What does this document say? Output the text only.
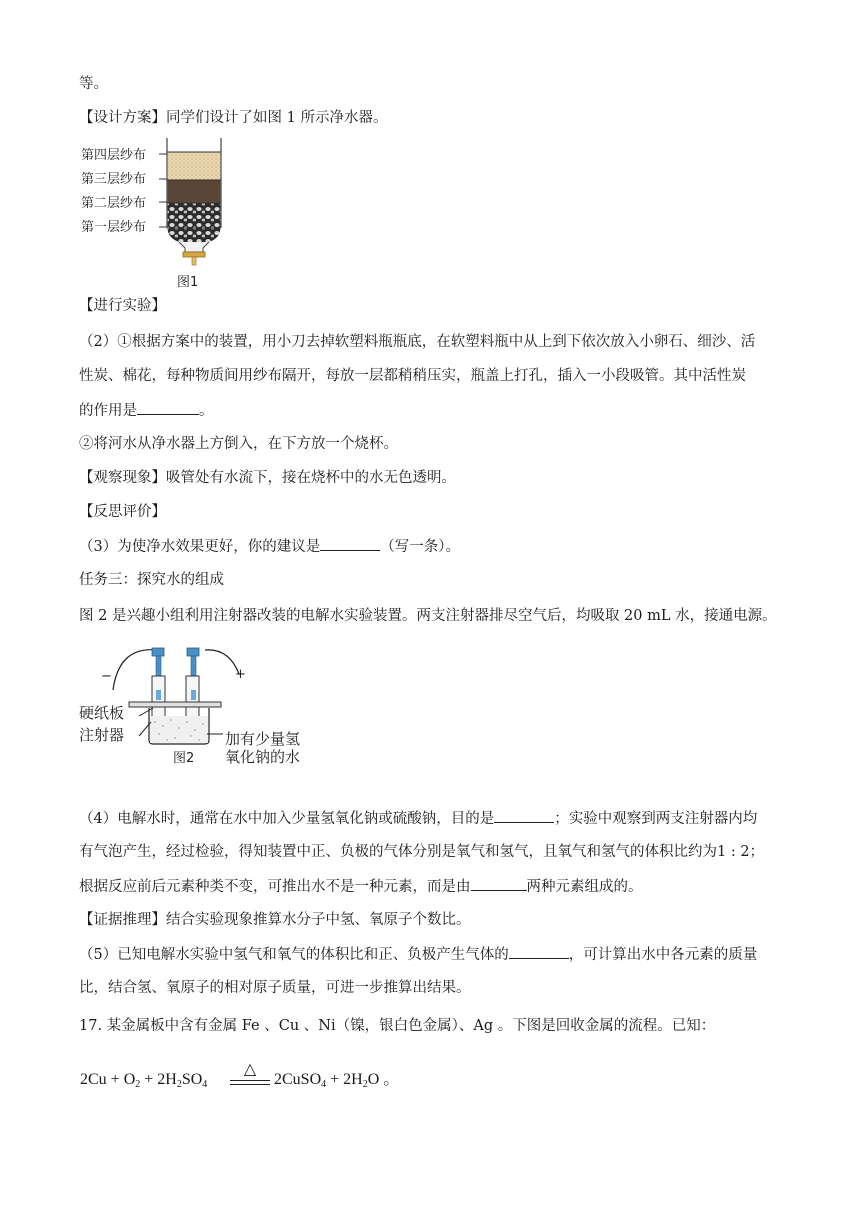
等。
【设计方案】同学们设计了如图 1 所示净水器。
第四层纱布
第三层纱布
第二层纱布
第一层纱布
图1
【进行实验】
（2）①根据方案中的装置，用小刀去掉软塑料瓶瓶底，在软塑料瓶中从上到下依次放入小卵石、细沙、活
性炭、棉花，每种物质间用纱布隔开，每放一层都稍稍压实，瓶盖上打孔，插入一小段吸管。其中活性炭
的作用是	。
②将河水从净水器上方倒入，在下方放一个烧杯。
【观察现象】吸管处有水流下，接在烧杯中的水无色透明。
【反思评价】
（3）为使净水效果更好，你的建议是	（写一条）。
任务三：探究水的组成
图 2 是兴趣小组利用注射器改装的电解水实验装置。两支注射器排尽空气后，均吸取 20 mL 水，接通电源。
−	+
硬纸板
注射器	加有少量氢
氧化钠的水
图2
（4）电解水时，通常在水中加入少量氢氧化钠或硫酸钠，目的是	；实验中观察到两支注射器内均
有气泡产生，经过检验，得知装置中正、负极的气体分别是氧气和氢气，且氧气和氢气的体积比约为1 : 2；
根据反应前后元素种类不变，可推出水不是一种元素，而是由	两种元素组成的。
【证据推理】结合实验现象推算水分子中氢、氧原子个数比。
（5）已知电解水实验中氢气和氧气的体积比和正、负极产生气体的	，可计算出水中各元素的质量
比，结合氢、氧原子的相对原子质量，可进一步推算出结果。
17. 某金属板中含有金属 Fe 、Cu 、Ni（镍，银白色金属）、Ag 。下图是回收金属的流程。已知：
$2Cu + O_2 + 2H_2SO_4$
△
2CuSO$_4$ + $2H_2O$ 。
